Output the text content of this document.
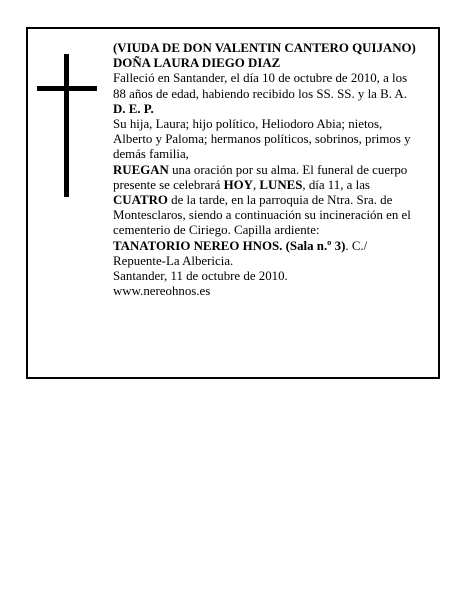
(VIUDA DE DON VALENTIN CANTERO QUIJANO)

DOÑA LAURA DIEGO DIAZ

Falleció en Santander, el día 10 de octubre de 2010, a los 88 años de edad, habiendo recibido los SS. SS. y la B. A.

D. E. P.

Su hija, Laura; hijo político, Heliodoro Abia; nietos, Alberto y Paloma; hermanos políticos, sobrinos, primos y demás familia,

RUEGAN una oración por su alma. El funeral de cuerpo presente se celebrará HOY, LUNES, día 11, a las CUATRO de la tarde, en la parroquia de Ntra. Sra. de Montesclaros, siendo a continuación su incineración en el cementerio de Ciriego. Capilla ardiente:

TANATORIO NEREO HNOS. (Sala n.º 3). C./ Repuente-La Albericia.

Santander, 11 de octubre de 2010.

www.nereohnos.es
